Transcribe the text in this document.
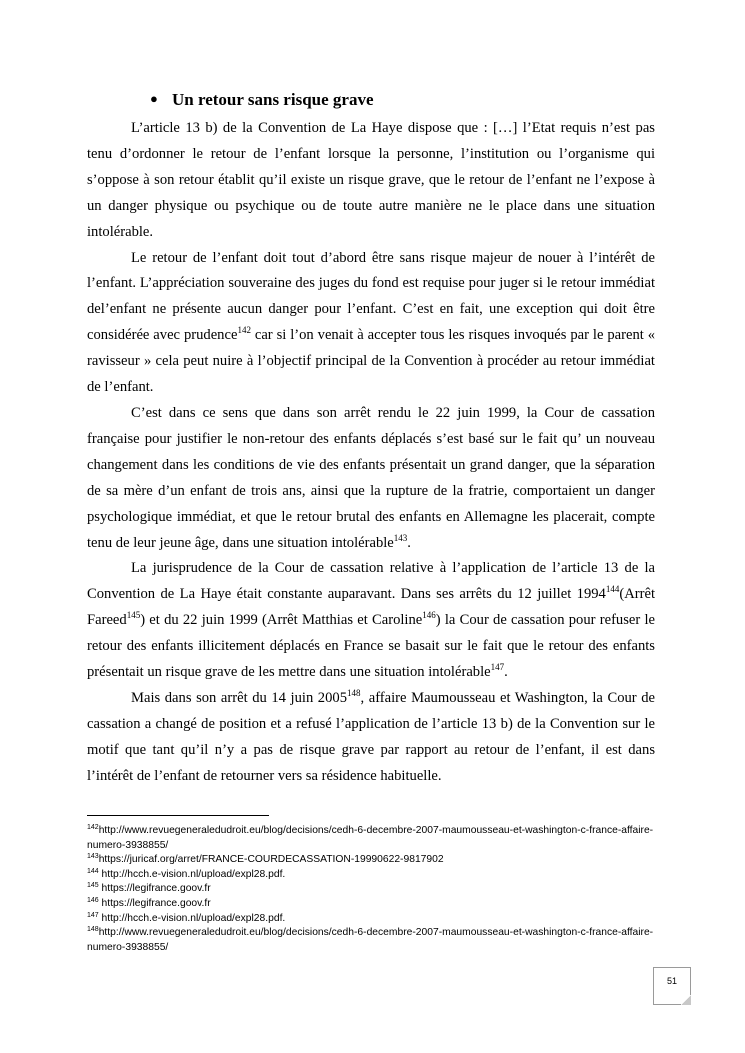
● Un retour sans risque grave

L’article 13 b) de la Convention de La Haye dispose que : […] l’Etat requis n’est pas tenu d’ordonner le retour de l’enfant lorsque la personne, l’institution ou l’organisme qui s’oppose à son retour établit qu’il existe un risque grave, que le retour de l’enfant ne l’expose à un danger physique ou psychique ou de toute autre manière ne le place dans une situation intolérable.

Le retour de l’enfant doit tout d’abord être sans risque majeur de nouer à l’intérêt de l’enfant. L’appréciation souveraine des juges du fond est requise pour juger si le retour immédiat del’enfant ne présente aucun danger pour l’enfant. C’est en fait, une exception qui doit être considérée avec prudence$^{142}$ car si l’on venait à accepter tous les risques invoqués par le parent « ravisseur » cela peut nuire à l’objectif principal de la Convention à procéder au retour immédiat de l’enfant.

C’est dans ce sens que dans son arrêt rendu le 22 juin 1999, la Cour de cassation française pour justifier le non-retour des enfants déplacés s’est basé sur le fait qu’ un nouveau changement dans les conditions de vie des enfants présentait un grand danger, que la séparation de sa mère d’un enfant de trois ans, ainsi que la rupture de la fratrie, comportaient un danger psychologique immédiat, et que le retour brutal des enfants en Allemagne les placerait, compte tenu de leur jeune âge, dans une situation intolérable$^{143}$.

La jurisprudence de la Cour de cassation relative à l’application de l’article 13 de la Convention de La Haye était constante auparavant. Dans ses arrêts du 12 juillet 1994$^{144}$(Arrêt Fareed$^{145}$) et du 22 juin 1999 (Arrêt Matthias et Caroline$^{146}$) la Cour de cassation pour refuser le retour des enfants illicitement déplacés en France se basait sur le fait que le retour des enfants présentait un risque grave de les mettre dans une situation intolérable$^{147}$.

Mais dans son arrêt du 14 juin 2005$^{148}$, affaire Maumousseau et Washington, la Cour de cassation a changé de position et a refusé l’application de l’article 13 b) de la Convention sur le motif que tant qu’il n’y a pas de risque grave par rapport au retour de l’enfant, il est dans l’intérêt de l’enfant de retourner vers sa résidence habituelle.

$^{142}$http://www.revuegeneraledudroit.eu/blog/decisions/cedh-6-decembre-2007-maumousseau-et-washington-c-france-affaire-numero-3938855/
$^{143}$https://juricaf.org/arret/FRANCE-COURDECASSATION-19990622-9817902
$^{144}$ http://hcch.e-vision.nl/upload/expl28.pdf.
$^{145}$ https://legifrance.goov.fr
$^{146}$ https://legifrance.goov.fr
$^{147}$ http://hcch.e-vision.nl/upload/expl28.pdf.
$^{148}$http://www.revuegeneraledudroit.eu/blog/decisions/cedh-6-decembre-2007-maumousseau-et-washington-c-france-affaire-numero-3938855/
51
